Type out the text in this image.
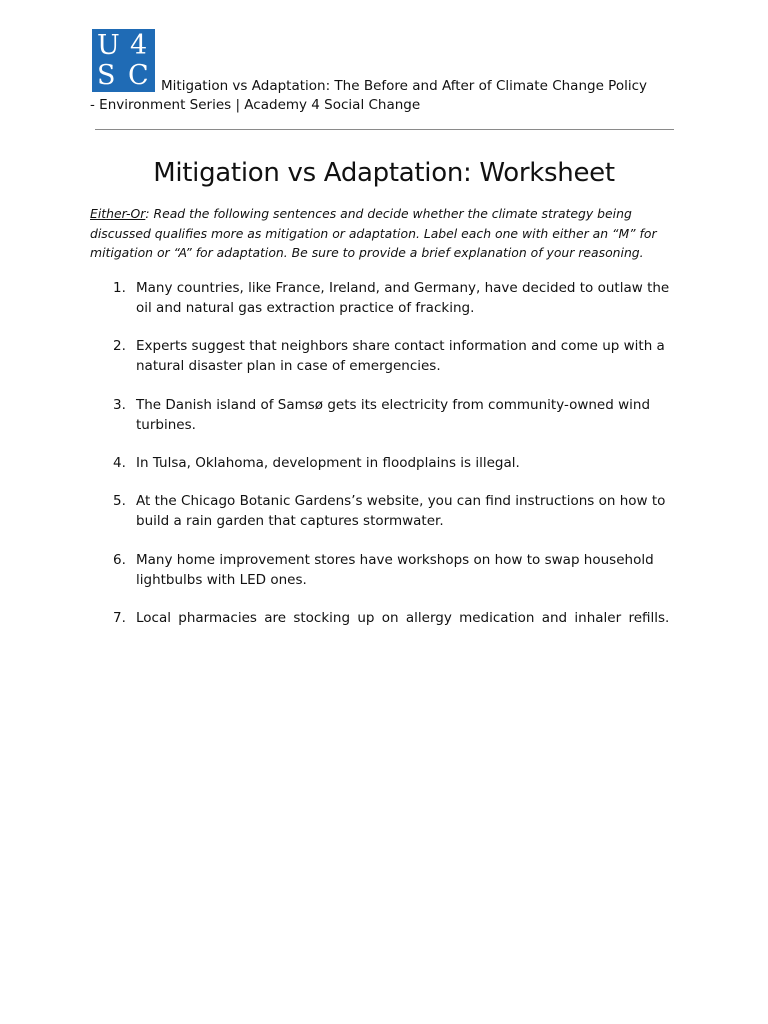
U 4
S C Mitigation vs Adaptation: The Before and After of Climate Change Policy
- Environment Series | Academy 4 Social Change
Mitigation vs Adaptation: Worksheet
Either-Or: Read the following sentences and decide whether the climate strategy being discussed qualifies more as mitigation or adaptation. Label each one with either an “M” for mitigation or “A” for adaptation. Be sure to provide a brief explanation of your reasoning.
1. Many countries, like France, Ireland, and Germany, have decided to outlaw the oil and natural gas extraction practice of fracking.
2. Experts suggest that neighbors share contact information and come up with a natural disaster plan in case of emergencies.
3. The Danish island of Samsø gets its electricity from community-owned wind turbines.
4. In Tulsa, Oklahoma, development in floodplains is illegal.
5. At the Chicago Botanic Gardens’s website, you can find instructions on how to build a rain garden that captures stormwater.
6. Many home improvement stores have workshops on how to swap household lightbulbs with LED ones.
7. Local pharmacies are stocking up on allergy medication and inhaler refills.
